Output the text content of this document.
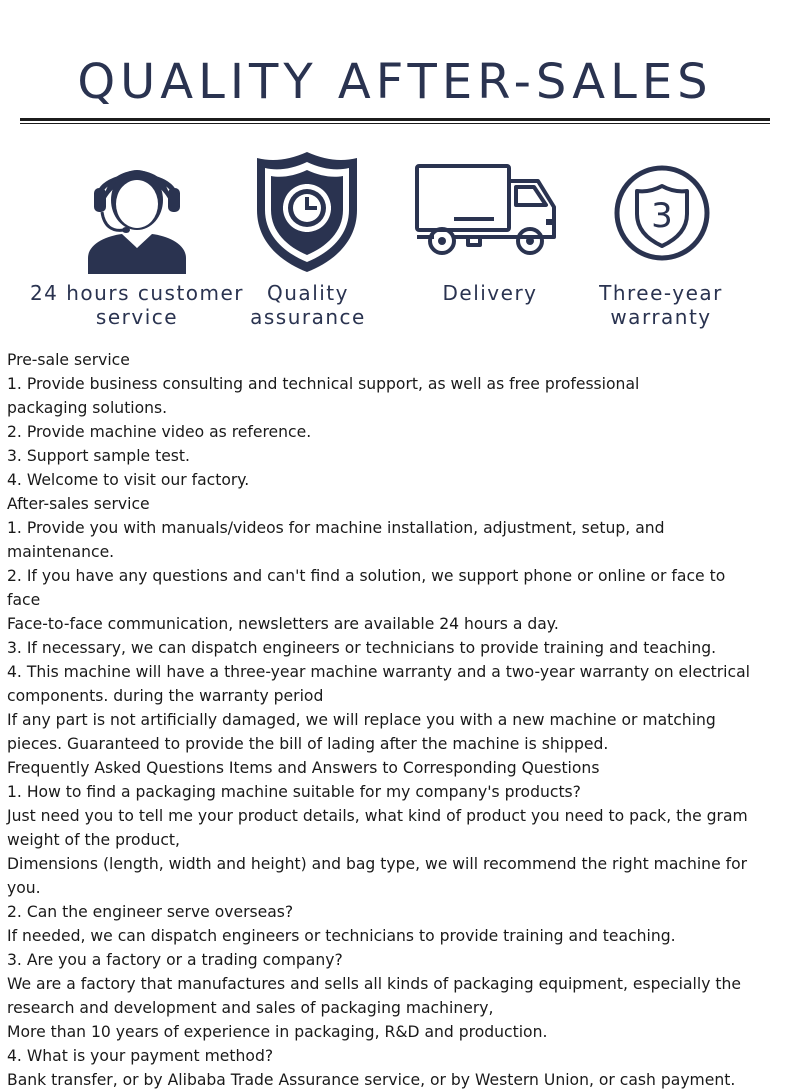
QUALITY AFTER-SALES
3
24 hours customer
service
Quality
assurance
Delivery	Three-year
warranty

Pre-sale service

1. Provide business consulting and technical support, as well as free professional

packaging solutions.

2. Provide machine video as reference.

3. Support sample test.

4. Welcome to visit our factory.

After-sales service

1. Provide you with manuals/videos for machine installation, adjustment, setup, and

maintenance.

2. If you have any questions and can't find a solution, we support phone or online or face to

face

Face-to-face communication, newsletters are available 24 hours a day.

3. If necessary, we can dispatch engineers or technicians to provide training and teaching.

4. This machine will have a three-year machine warranty and a two-year warranty on electrical

components. during the warranty period

If any part is not artificially damaged, we will replace you with a new machine or matching

pieces. Guaranteed to provide the bill of lading after the machine is shipped.

Frequently Asked Questions Items and Answers to Corresponding Questions

1. How to find a packaging machine suitable for my company's products?

Just need you to tell me your product details, what kind of product you need to pack, the gram

weight of the product,

Dimensions (length, width and height) and bag type, we will recommend the right machine for

you.

2. Can the engineer serve overseas?

If needed, we can dispatch engineers or technicians to provide training and teaching.

3. Are you a factory or a trading company?

We are a factory that manufactures and sells all kinds of packaging equipment, especially the

research and development and sales of packaging machinery,

More than 10 years of experience in packaging, R&D and production.

4. What is your payment method?

Bank transfer, or by Alibaba Trade Assurance service, or by Western Union, or cash payment.
